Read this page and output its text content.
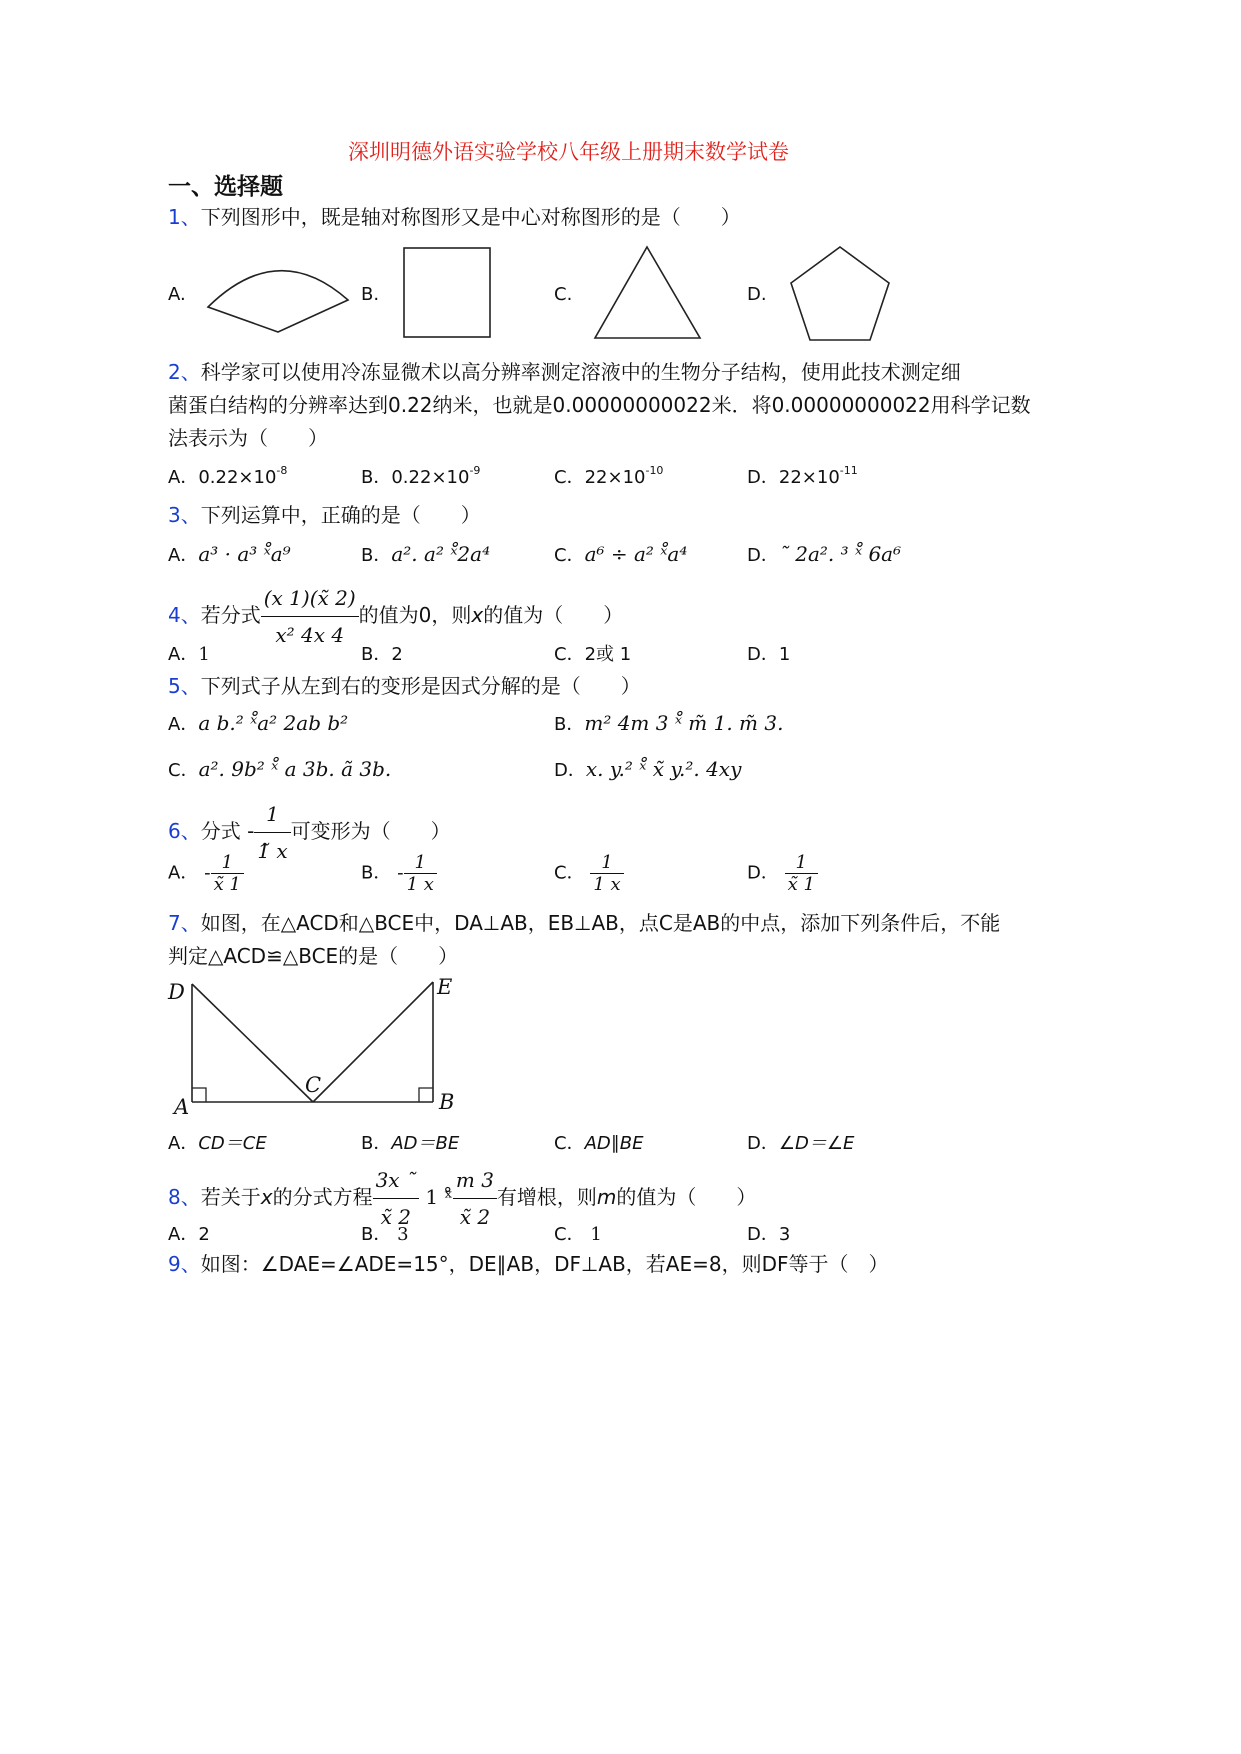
深圳明德外语实验学校八年级上册期末数学试卷
一、选择题
1、下列图形中，既是轴对称图形又是中心对称图形的是（　　）
A.	B.	C.	D.
2、科学家可以使用冷冻显微术以高分辨率测定溶液中的生物分子结构，使用此技术测定细
菌蛋白结构的分辨率达到0.22纳米，也就是0.00000000022米．将0.00000000022用科学记数
法表示为（　　）
A．$0.22\times 10^{-8}$	B．$0.22\times 10^{-9}$	C．$22\times 10^{-10}$	D．$22\times 10^{-11}$
3、下列运算中，正确的是（　　）
A．a³ · a³ ˣ̊a⁹	B．a². a² ˣ̊2a⁴	C．a⁶ ÷ a² ˣ̊a⁴	D．˜ 2a². ³ ˣ̊ 6a⁶
4、若分式 $\frac{(x 1)(x̃ 2)}{\text{x² 4x 4}}$ 的值为0，则x的值为（　　）
A．1	B．2	C．2或 1	D．1
5、下列式子从左到右的变形是因式分解的是（　　）
A．a b.² ˣ̊a² 2ab b²	B．m² 4m 3 ˣ̊ m̃ 1. m̃ 3.
C．a². 9b² ˣ̊ a 3b. ã 3b.	D．x. y.² ˣ̊ x̃ y.². 4xy
6、分式 - $\frac{1}{1̃ x}$ 可变形为（　　）
A． - $\frac{1}{x̃ 1}$	B． - $\frac{1}{1 x}$	C． $\frac{1}{1 x}$	D． $\frac{1}{x̃ 1}$
7、如图，在△ACD和△BCE中，DA⊥AB，EB⊥AB，点C是AB的中点，添加下列条件后，不能
判定△ACD≌△BCE的是（　　）
D	E
C
A	B
A．CD＝CE	B．AD＝BE	C．AD∥BE	D．∠D＝∠E
8、若关于x的分式方程 $\frac{3x ˜}{x̃ 2} 1$ ˣ̊ $\frac{m 3}{x̃ 2}$ 有增根，则m的值为（　　）
A．2	B． 3	C． 1	D．3
9、如图：∠DAE=∠ADE=15°，DE∥AB，DF⊥AB，若AE=8，则DF等于（　）
